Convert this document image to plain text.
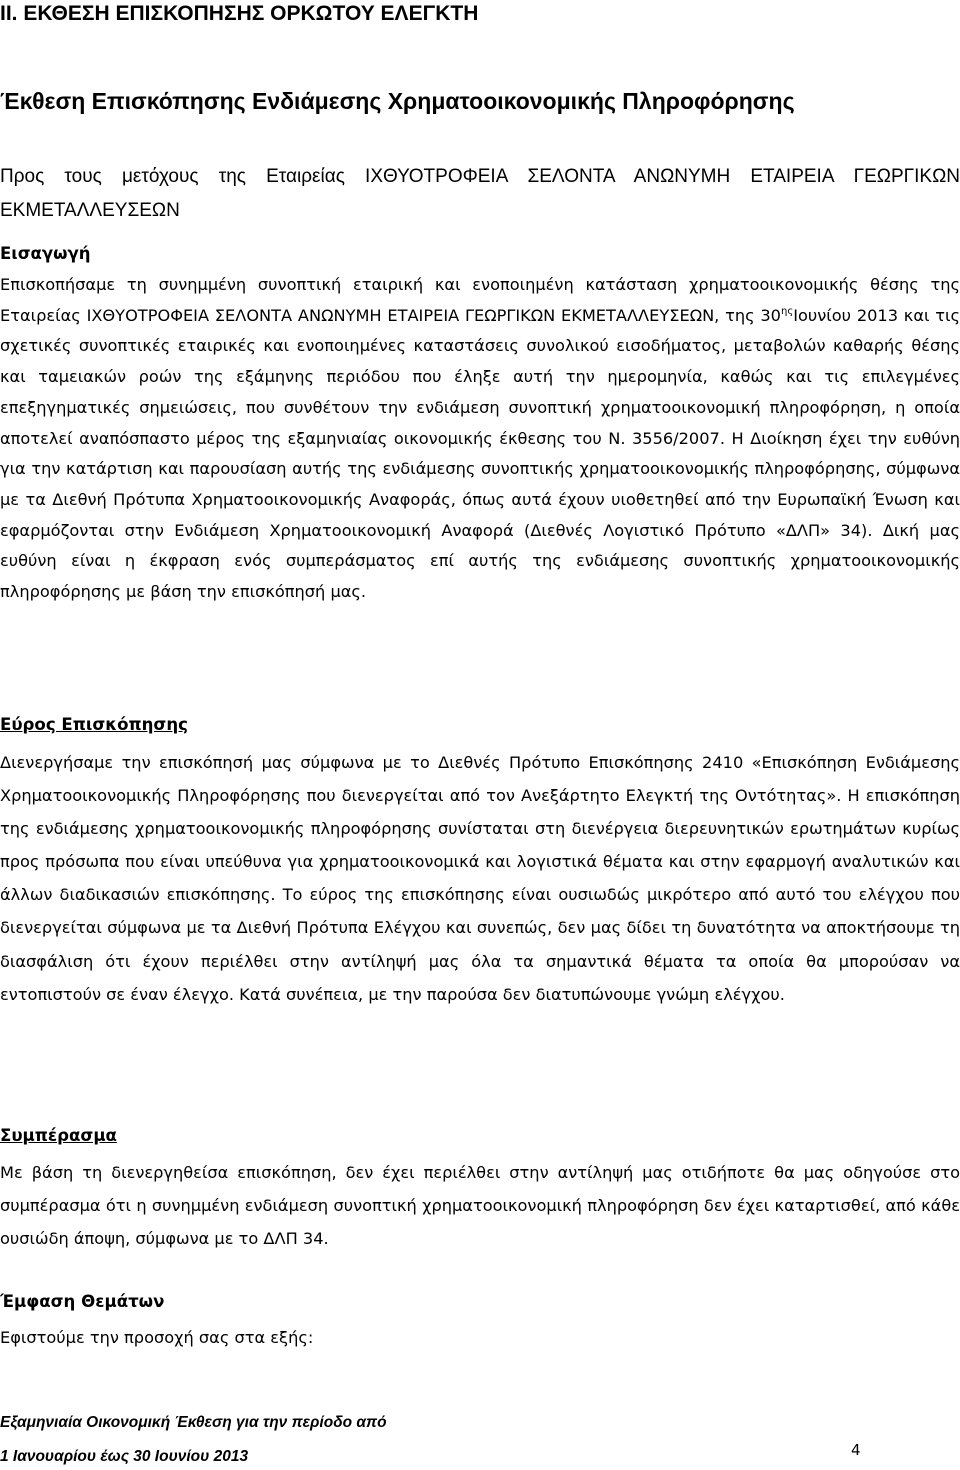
ΙΙ. ΕΚΘΕΣΗ ΕΠΙΣΚΟΠΗΣΗΣ ΟΡΚΩΤΟΥ ΕΛΕΓΚΤΗ
Έκθεση Επισκόπησης Ενδιάμεσης Χρηματοοικονομικής Πληροφόρησης
Προς τους μετόχους της Εταιρείας ΙΧΘΥΟΤΡΟΦΕΙΑ ΣΕΛΟΝΤΑ ΑΝΩΝΥΜΗ ΕΤΑΙΡΕΙΑ ΓΕΩΡΓΙΚΩΝ
ΕΚΜΕΤΑΛΛΕΥΣΕΩΝ
Εισαγωγή
Επισκοπήσαμε τη συνημμένη συνοπτική εταιρική και ενοποιημένη κατάσταση χρηματοοικονομικής θέσης της Εταιρείας ΙΧΘΥΟΤΡΟΦΕΙΑ ΣΕΛΟΝΤΑ ΑΝΩΝΥΜΗ ΕΤΑΙΡΕΙΑ ΓΕΩΡΓΙΚΩΝ ΕΚΜΕΤΑΛΛΕΥΣΕΩΝ, της $30^{\eta\varsigma}Io\upsilon\nu ίo\upsilon$ 2013 και τις σχετικές συνοπτικές εταιρικές και ενοποιημένες καταστάσεις συνολικού εισοδήματος, μεταβολών καθαρής θέσης και ταμειακών ροών της εξάμηνης περιόδου που έληξε αυτή την ημερομηνία, καθώς και τις επιλεγμένες επεξηγηματικές σημειώσεις, που συνθέτουν την ενδιάμεση συνοπτική χρηματοοικονομική πληροφόρηση, η οποία αποτελεί αναπόσπαστο μέρος της εξαμηνιαίας οικονομικής έκθεσης του Ν. 3556/2007. Η Διοίκηση έχει την ευθύνη για την κατάρτιση και παρουσίαση αυτής της ενδιάμεσης συνοπτικής χρηματοοικονομικής πληροφόρησης, σύμφωνα με τα Διεθνή Πρότυπα Χρηματοοικονομικής Αναφοράς, όπως αυτά έχουν υιοθετηθεί από την Ευρωπαϊκή Ένωση και εφαρμόζονται στην Ενδιάμεση Χρηματοοικονομική Αναφορά (Διεθνές Λογιστικό Πρότυπο «ΔΛΠ» 34). Δική μας ευθύνη είναι η έκφραση ενός συμπεράσματος επί αυτής της ενδιάμεσης συνοπτικής χρηματοοικονομικής πληροφόρησης με βάση την επισκόπησή μας.
Εύρος Επισκόπησης
Διενεργήσαμε την επισκόπησή μας σύμφωνα με το Διεθνές Πρότυπο Επισκόπησης 2410 «Επισκόπηση Ενδιάμεσης Χρηματοοικονομικής Πληροφόρησης που διενεργείται από τον Ανεξάρτητο Ελεγκτή της Οντότητας». Η επισκόπηση της ενδιάμεσης χρηματοοικονομικής πληροφόρησης συνίσταται στη διενέργεια διερευνητικών ερωτημάτων κυρίως προς πρόσωπα που είναι υπεύθυνα για χρηματοοικονομικά και λογιστικά θέματα και στην εφαρμογή αναλυτικών και άλλων διαδικασιών επισκόπησης. Το εύρος της επισκόπησης είναι ουσιωδώς μικρότερο από αυτό του ελέγχου που διενεργείται σύμφωνα με τα Διεθνή Πρότυπα Ελέγχου και συνεπώς, δεν μας δίδει τη δυνατότητα να αποκτήσουμε τη διασφάλιση ότι έχουν περιέλθει στην αντίληψή μας όλα τα σημαντικά θέματα τα οποία θα μπορούσαν να εντοπιστούν σε έναν έλεγχο. Κατά συνέπεια, με την παρούσα δεν διατυπώνουμε γνώμη ελέγχου.
Συμπέρασμα
Με βάση τη διενεργηθείσα επισκόπηση, δεν έχει περιέλθει στην αντίληψή μας οτιδήποτε θα μας οδηγούσε στο συμπέρασμα ότι η συνημμένη ενδιάμεση συνοπτική χρηματοοικονομική πληροφόρηση δεν έχει καταρτισθεί, από κάθε ουσιώδη άποψη, σύμφωνα με το ΔΛΠ 34.
Έμφαση Θεμάτων
Εφιστούμε την προσοχή σας στα εξής:
Εξαμηνιαία Οικονομική Έκθεση για την περίοδο από
1 Ιανουαρίου έως 30 Ιουνίου 2013	4
